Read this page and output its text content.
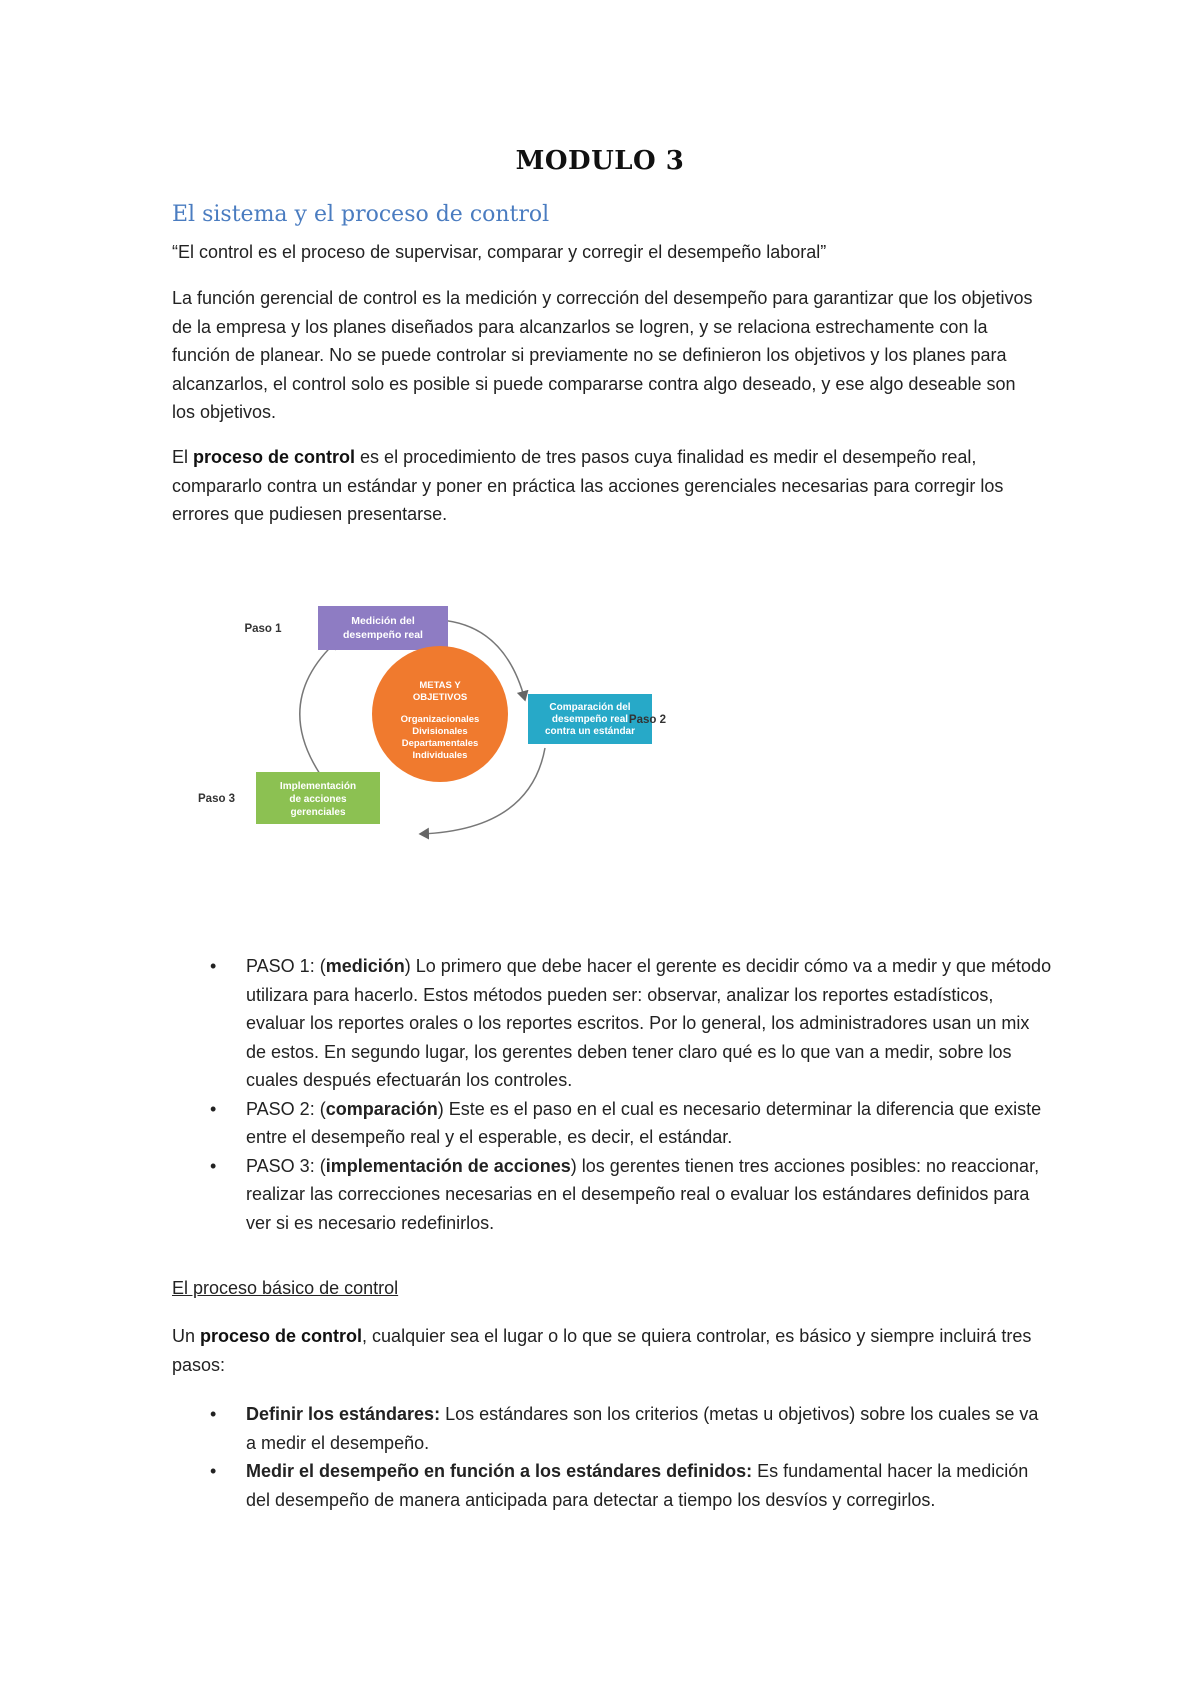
MODULO 3
El sistema y el proceso de control

“El control es el proceso de supervisar, comparar y corregir el desempeño laboral”

La función gerencial de control es la medición y corrección del desempeño para garantizar que los objetivos de la empresa y los planes diseñados para alcanzarlos se logren, y se relaciona estrechamente con la función de planear. No se puede controlar si previamente no se definieron los objetivos y los planes para alcanzarlos, el control solo es posible si puede compararse contra algo deseado, y ese algo deseable son los objetivos.

El proceso de control es el procedimiento de tres pasos cuya finalidad es medir el desempeño real, compararlo contra un estándar y poner en práctica las acciones gerenciales necesarias para corregir los errores que pudiesen presentarse.

Medición del
desempeño real
Paso 1
METAS Y
OBJETIVOS
Organizacionales
Divisionales
Departamentales
Individuales
Comparación del
desempeño real
contra un estándar
Paso 2
Implementación
de acciones
gerenciales
Paso 3
• PASO 1: (medición) Lo primero que debe hacer el gerente es decidir cómo va a medir y que método utilizara para hacerlo. Estos métodos pueden ser: observar, analizar los reportes estadísticos, evaluar los reportes orales o los reportes escritos. Por lo general, los administradores usan un mix de estos. En segundo lugar, los gerentes deben tener claro qué es lo que van a medir, sobre los cuales después efectuarán los controles.
• PASO 2: (comparación) Este es el paso en el cual es necesario determinar la diferencia que existe entre el desempeño real y el esperable, es decir, el estándar.
• PASO 3: (implementación de acciones) los gerentes tienen tres acciones posibles: no reaccionar, realizar las correcciones necesarias en el desempeño real o evaluar los estándares definidos para ver si es necesario redefinirlos.

El proceso básico de control

Un proceso de control, cualquier sea el lugar o lo que se quiera controlar, es básico y siempre incluirá tres pasos:

• Definir los estándares: Los estándares son los criterios (metas u objetivos) sobre los cuales se va a medir el desempeño.
• Medir el desempeño en función a los estándares definidos: Es fundamental hacer la medición del desempeño de manera anticipada para detectar a tiempo los desvíos y corregirlos.
